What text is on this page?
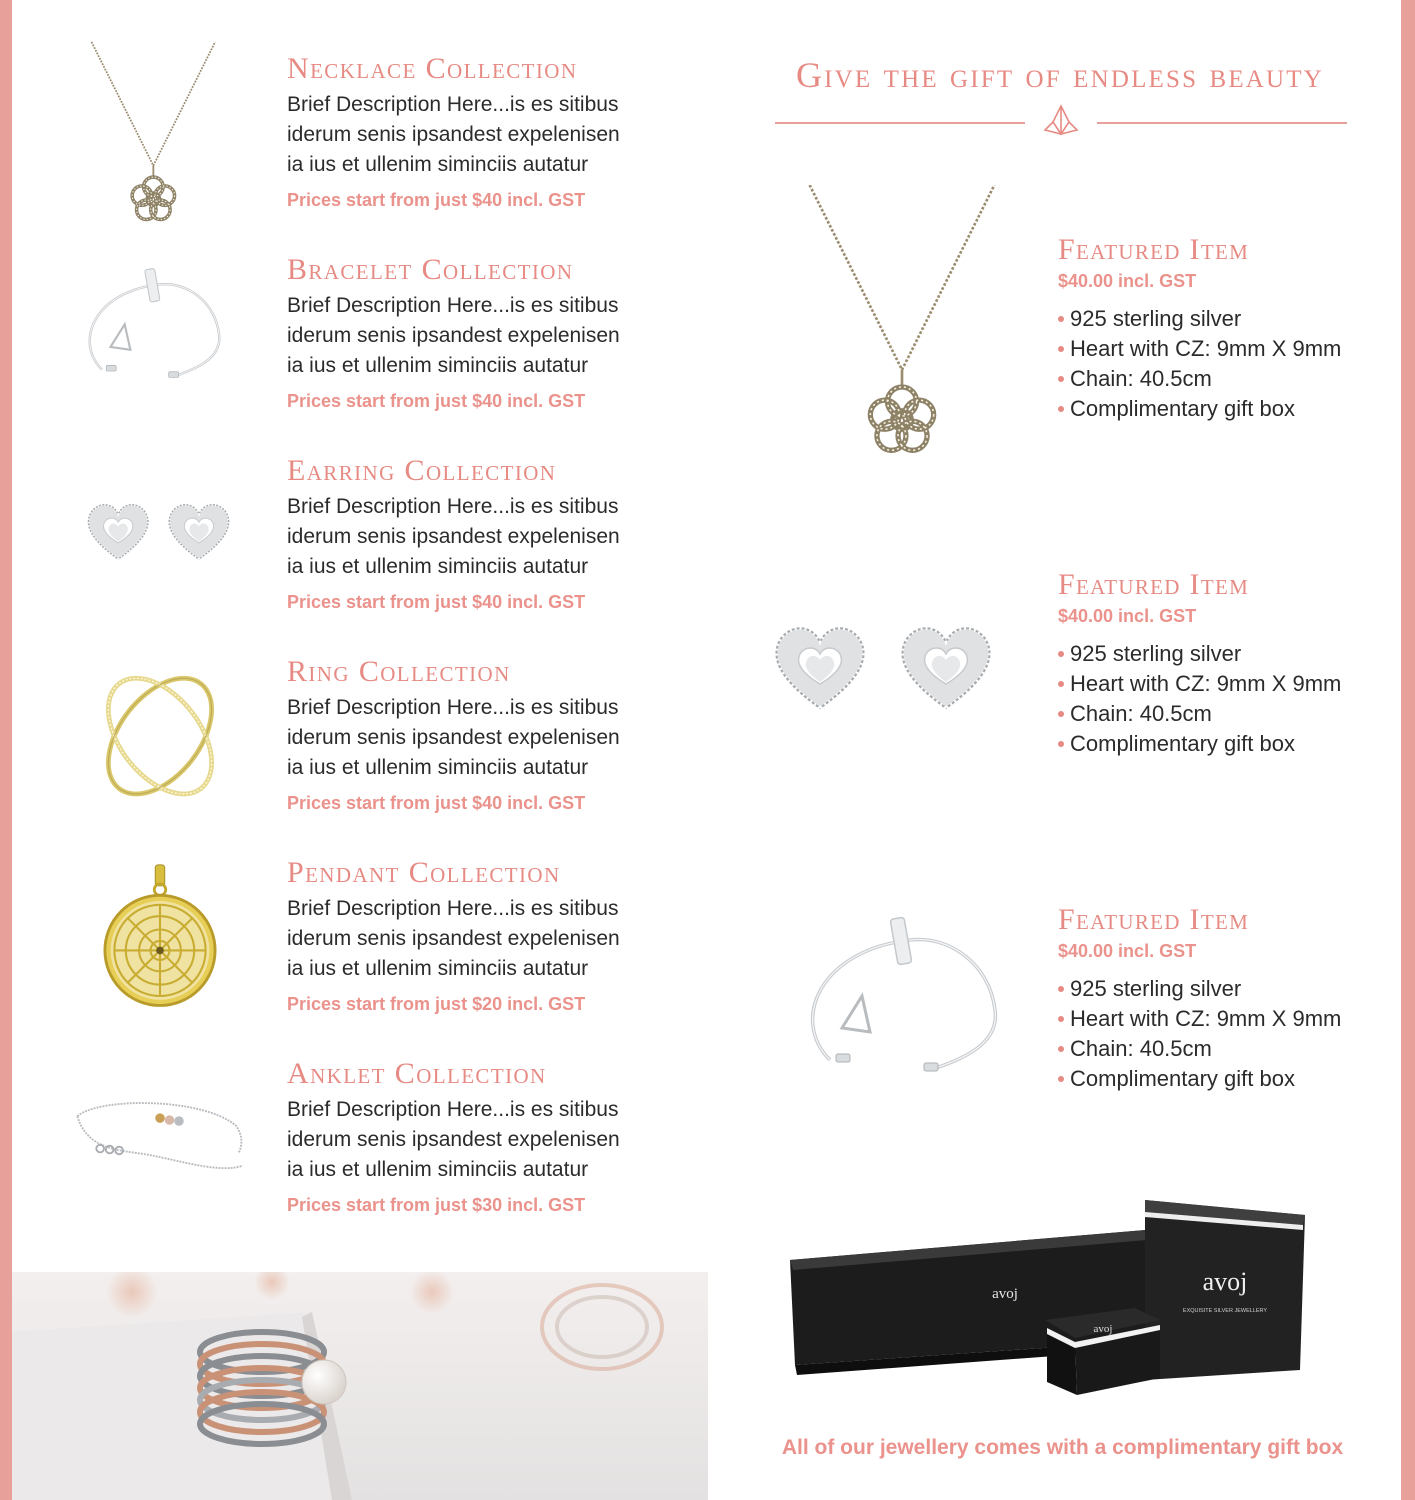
Necklace Collection
Brief Description Here...is es sitibus
iderum senis ipsandest expelenisen
ia ius et ullenim siminciis autatur
Prices start from just $40 incl. GST
Bracelet Collection
Brief Description Here...is es sitibus
iderum senis ipsandest expelenisen
ia ius et ullenim siminciis autatur
Prices start from just $40 incl. GST
Earring Collection
Brief Description Here...is es sitibus
iderum senis ipsandest expelenisen
ia ius et ullenim siminciis autatur
Prices start from just $40 incl. GST
Ring Collection
Brief Description Here...is es sitibus
iderum senis ipsandest expelenisen
ia ius et ullenim siminciis autatur
Prices start from just $40 incl. GST
Pendant Collection
Brief Description Here...is es sitibus
iderum senis ipsandest expelenisen
ia ius et ullenim siminciis autatur
Prices start from just $20 incl. GST
Anklet Collection
Brief Description Here...is es sitibus
iderum senis ipsandest expelenisen
ia ius et ullenim siminciis autatur
Prices start from just $30 incl. GST
Give the gift of endless beauty
Featured Item
$40.00 incl. GST
925 sterling silver
Heart with CZ: 9mm X 9mm
Chain: 40.5cm
Complimentary gift box
Featured Item
$40.00 incl. GST
925 sterling silver
Heart with CZ: 9mm X 9mm
Chain: 40.5cm
Complimentary gift box
Featured Item
$40.00 incl. GST
925 sterling silver
Heart with CZ: 9mm X 9mm
Chain: 40.5cm
Complimentary gift box
avoj	avoj
EXQUISITE SILVER JEWELLERY
avoj
All of our jewellery comes with a complimentary gift box
